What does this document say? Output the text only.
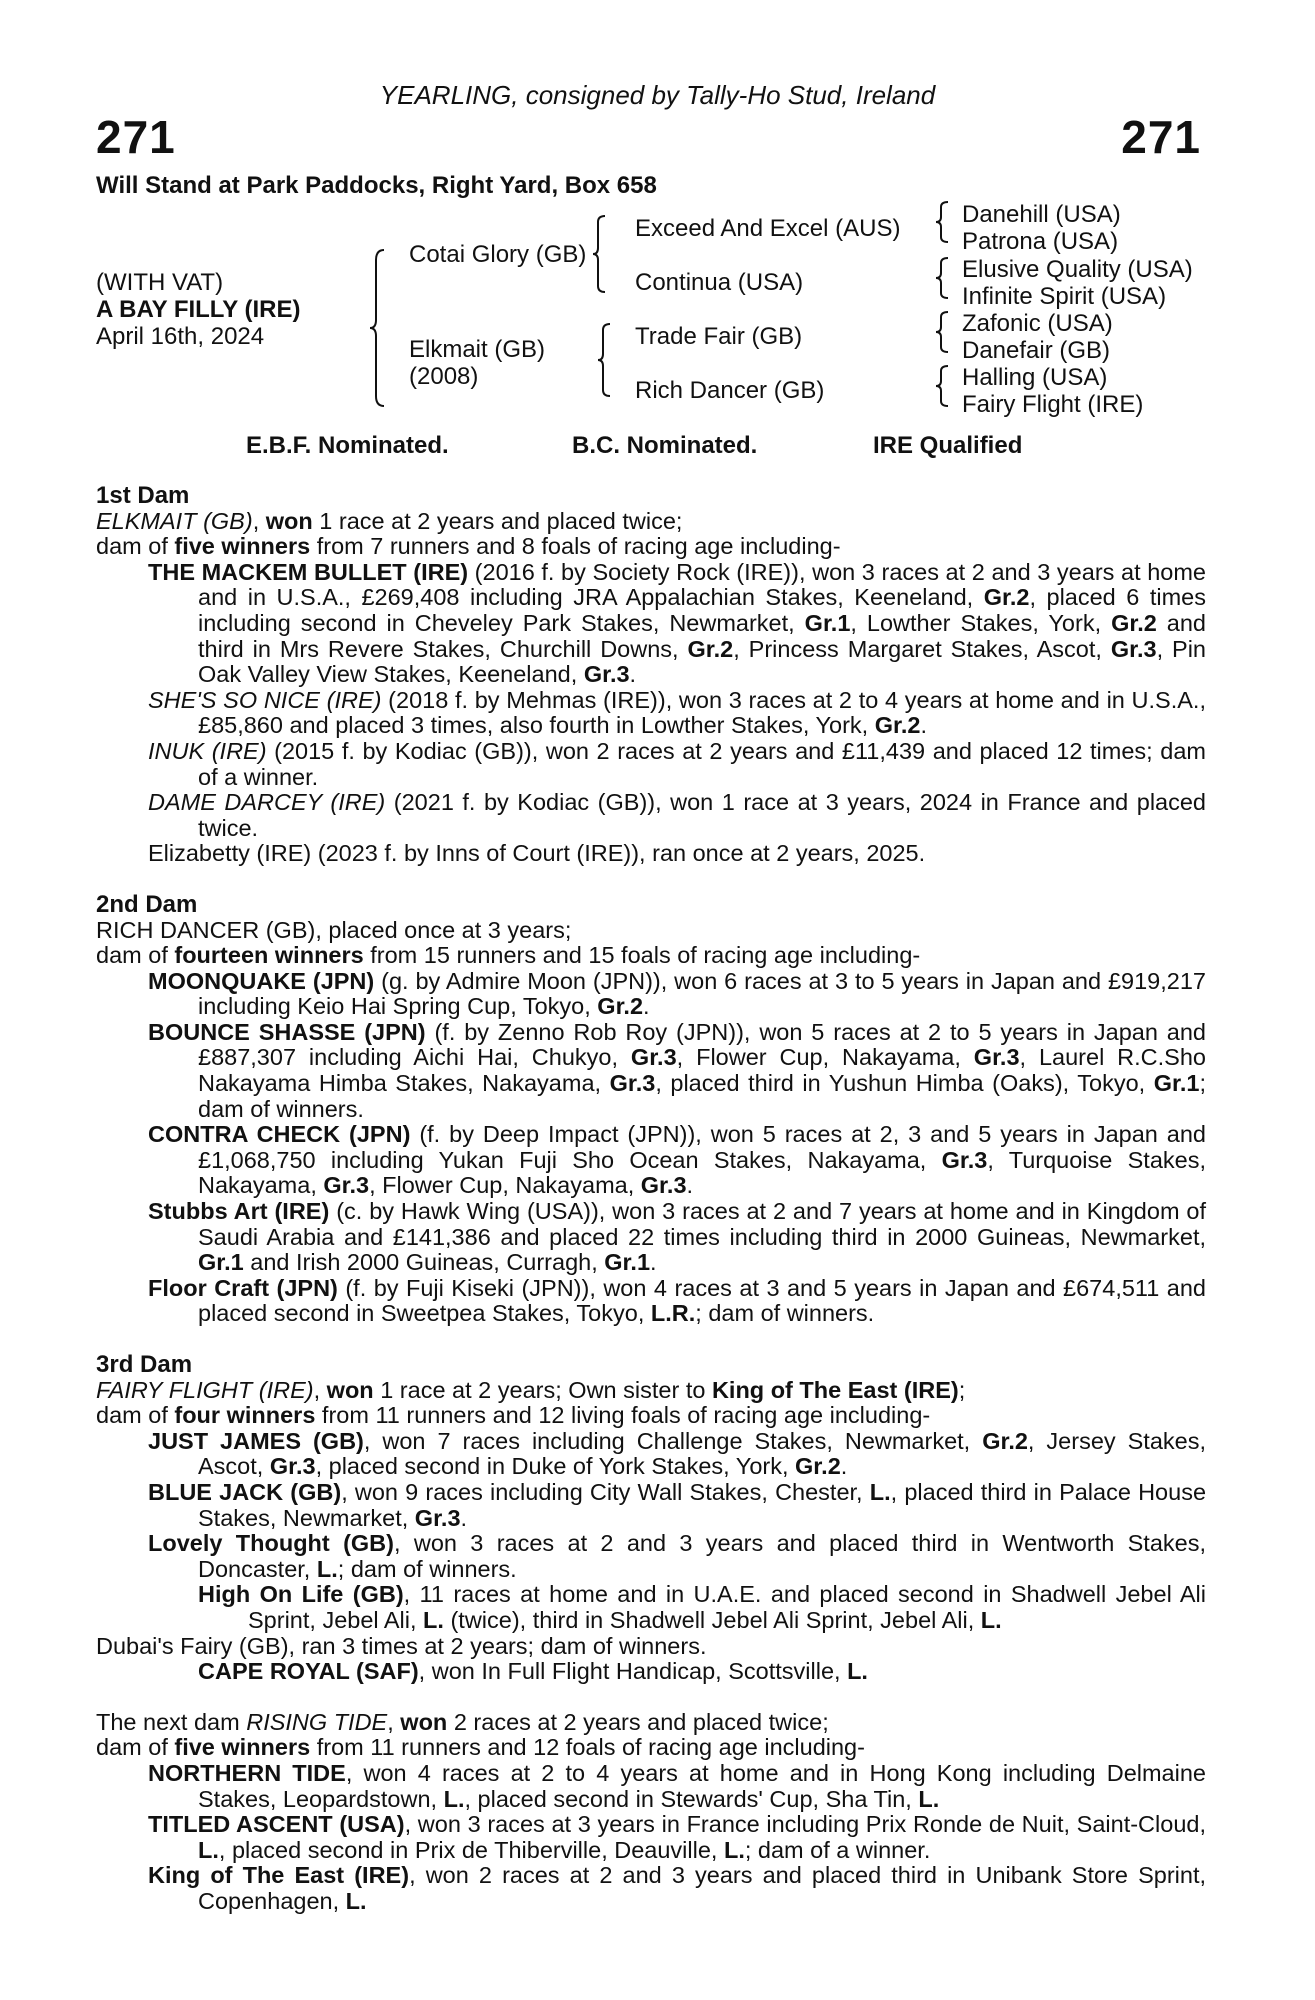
YEARLING, consigned by Tally-Ho Stud, Ireland
271	271
Will Stand at Park Paddocks, Right Yard, Box 658
(WITH VAT)
A BAY FILLY (IRE)
April 16th, 2024
Cotai Glory (GB)
Elkmait (GB)
(2008)
Exceed And Excel (AUS)
Continua (USA)
Trade Fair (GB)
Rich Dancer (GB)
Danehill (USA)
Patrona (USA)
Elusive Quality (USA)
Infinite Spirit (USA)
Zafonic (USA)
Danefair (GB)
Halling (USA)
Fairy Flight (IRE)
E.B.F. Nominated.	B.C. Nominated.	IRE Qualified

1st Dam

ELKMAIT (GB), won 1 race at 2 years and placed twice;

dam of five winners from 7 runners and 8 foals of racing age including-

THE MACKEM BULLET (IRE) (2016 f. by Society Rock (IRE)), won 3 races at 2 and 3 years at home and in U.S.A., £269,408 including JRA Appalachian Stakes, Keeneland, Gr.2, placed 6 times including second in Cheveley Park Stakes, Newmarket, Gr.1, Lowther Stakes, York, Gr.2 and third in Mrs Revere Stakes, Churchill Downs, Gr.2, Princess Margaret Stakes, Ascot, Gr.3, Pin Oak Valley View Stakes, Keeneland, Gr.3.

SHE'S SO NICE (IRE) (2018 f. by Mehmas (IRE)), won 3 races at 2 to 4 years at home and in U.S.A., £85,860 and placed 3 times, also fourth in Lowther Stakes, York, Gr.2.

INUK (IRE) (2015 f. by Kodiac (GB)), won 2 races at 2 years and £11,439 and placed 12 times; dam of a winner.

DAME DARCEY (IRE) (2021 f. by Kodiac (GB)), won 1 race at 3 years, 2024 in France and placed twice.

Elizabetty (IRE) (2023 f. by Inns of Court (IRE)), ran once at 2 years, 2025.

2nd Dam

RICH DANCER (GB), placed once at 3 years;

dam of fourteen winners from 15 runners and 15 foals of racing age including-

MOONQUAKE (JPN) (g. by Admire Moon (JPN)), won 6 races at 3 to 5 years in Japan and £919,217 including Keio Hai Spring Cup, Tokyo, Gr.2.

BOUNCE SHASSE (JPN) (f. by Zenno Rob Roy (JPN)), won 5 races at 2 to 5 years in Japan and £887,307 including Aichi Hai, Chukyo, Gr.3, Flower Cup, Nakayama, Gr.3, Laurel R.C.Sho Nakayama Himba Stakes, Nakayama, Gr.3, placed third in Yushun Himba (Oaks), Tokyo, Gr.1; dam of winners.

CONTRA CHECK (JPN) (f. by Deep Impact (JPN)), won 5 races at 2, 3 and 5 years in Japan and £1,068,750 including Yukan Fuji Sho Ocean Stakes, Nakayama, Gr.3, Turquoise Stakes, Nakayama, Gr.3, Flower Cup, Nakayama, Gr.3.

Stubbs Art (IRE) (c. by Hawk Wing (USA)), won 3 races at 2 and 7 years at home and in Kingdom of Saudi Arabia and £141,386 and placed 22 times including third in 2000 Guineas, Newmarket, Gr.1 and Irish 2000 Guineas, Curragh, Gr.1.

Floor Craft (JPN) (f. by Fuji Kiseki (JPN)), won 4 races at 3 and 5 years in Japan and £674,511 and placed second in Sweetpea Stakes, Tokyo, L.R.; dam of winners.

3rd Dam

FAIRY FLIGHT (IRE), won 1 race at 2 years; Own sister to King of The East (IRE);

dam of four winners from 11 runners and 12 living foals of racing age including-

JUST JAMES (GB), won 7 races including Challenge Stakes, Newmarket, Gr.2, Jersey Stakes, Ascot, Gr.3, placed second in Duke of York Stakes, York, Gr.2.

BLUE JACK (GB), won 9 races including City Wall Stakes, Chester, L., placed third in Palace House Stakes, Newmarket, Gr.3.

Lovely Thought (GB), won 3 races at 2 and 3 years and placed third in Wentworth Stakes, Doncaster, L.; dam of winners.

High On Life (GB), 11 races at home and in U.A.E. and placed second in Shadwell Jebel Ali Sprint, Jebel Ali, L. (twice), third in Shadwell Jebel Ali Sprint, Jebel Ali, L.

Dubai's Fairy (GB), ran 3 times at 2 years; dam of winners.

CAPE ROYAL (SAF), won In Full Flight Handicap, Scottsville, L.

The next dam RISING TIDE, won 2 races at 2 years and placed twice;

dam of five winners from 11 runners and 12 foals of racing age including-

NORTHERN TIDE, won 4 races at 2 to 4 years at home and in Hong Kong including Delmaine Stakes, Leopardstown, L., placed second in Stewards' Cup, Sha Tin, L.

TITLED ASCENT (USA), won 3 races at 3 years in France including Prix Ronde de Nuit, Saint-Cloud, L., placed second in Prix de Thiberville, Deauville, L.; dam of a winner.

King of The East (IRE), won 2 races at 2 and 3 years and placed third in Unibank Store Sprint, Copenhagen, L.
